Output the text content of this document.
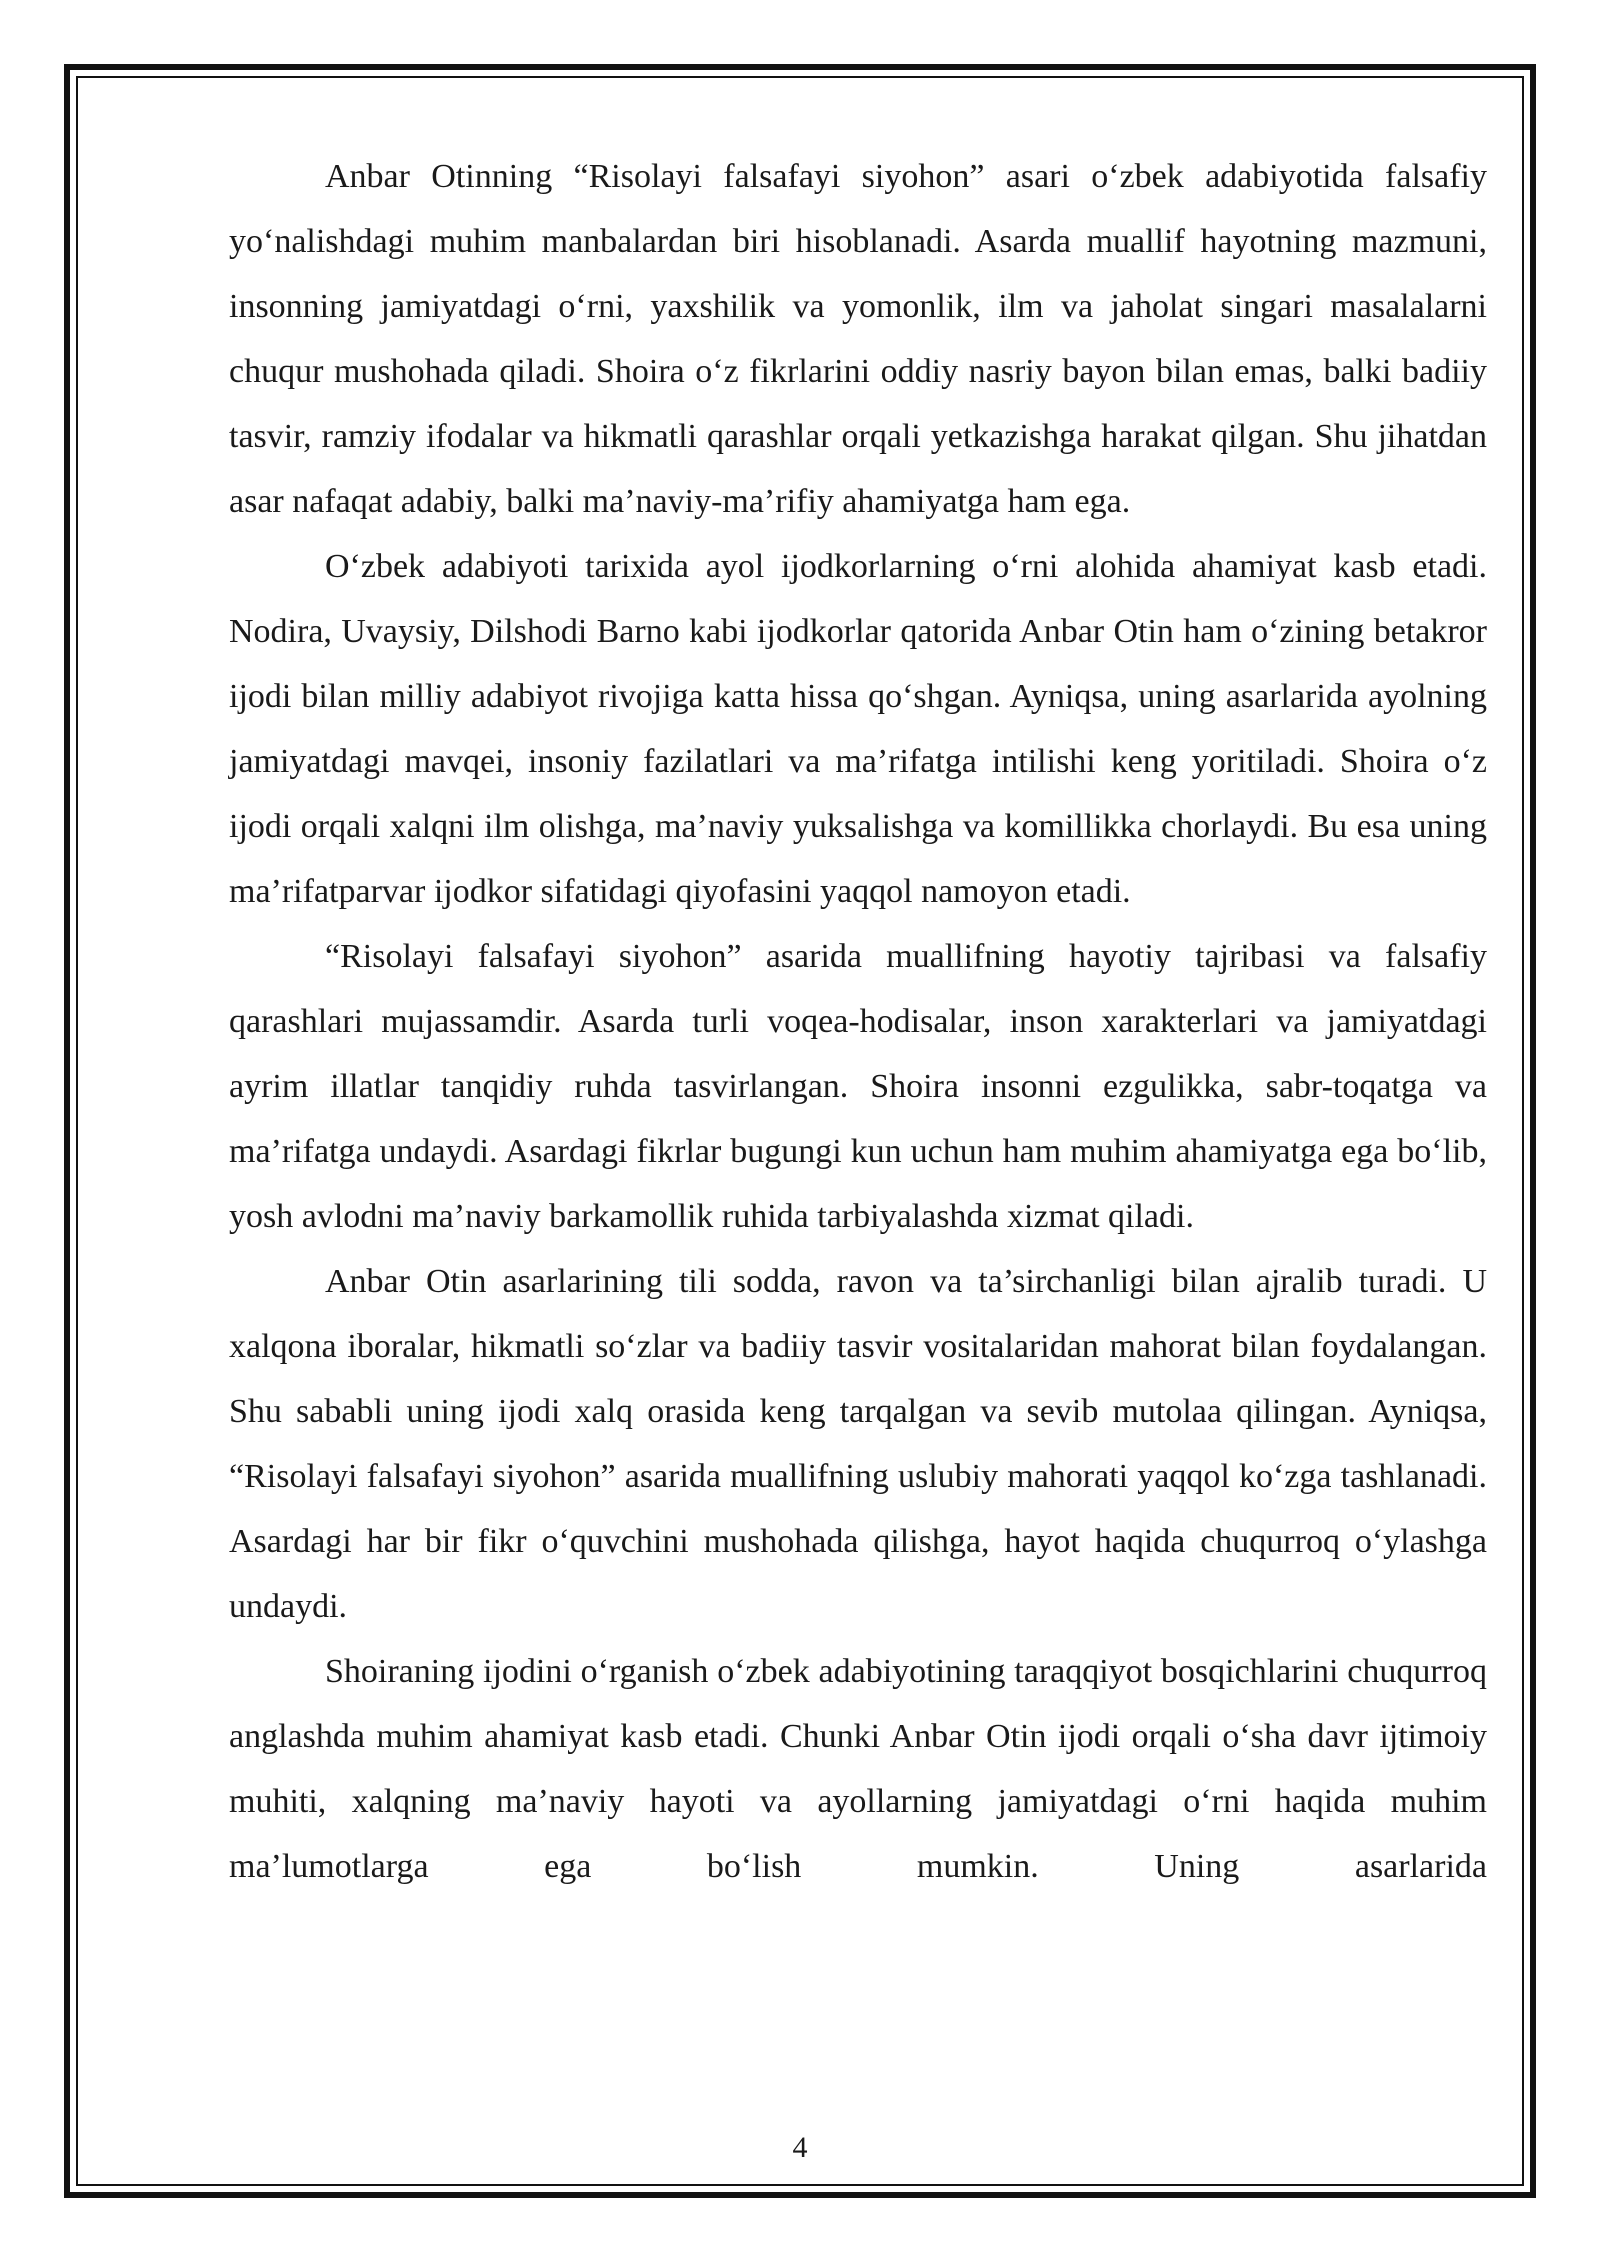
Anbar Otinning “Risolayi falsafayi siyohon” asari o‘zbek adabiyotida falsafiy yo‘nalishdagi muhim manbalardan biri hisoblanadi. Asarda muallif hayotning mazmuni, insonning jamiyatdagi o‘rni, yaxshilik va yomonlik, ilm va jaholat singari masalalarni chuqur mushohada qiladi. Shoira o‘z fikrlarini oddiy nasriy bayon bilan emas, balki badiiy tasvir, ramziy ifodalar va hikmatli qarashlar orqali yetkazishga harakat qilgan. Shu jihatdan asar nafaqat adabiy, balki ma’naviy-ma’rifiy ahamiyatga ham ega.

O‘zbek adabiyoti tarixida ayol ijodkorlarning o‘rni alohida ahamiyat kasb etadi. Nodira, Uvaysiy, Dilshodi Barno kabi ijodkorlar qatorida Anbar Otin ham o‘zining betakror ijodi bilan milliy adabiyot rivojiga katta hissa qo‘shgan. Ayniqsa, uning asarlarida ayolning jamiyatdagi mavqei, insoniy fazilatlari va ma’rifatga intilishi keng yoritiladi. Shoira o‘z ijodi orqali xalqni ilm olishga, ma’naviy yuksalishga va komillikka chorlaydi. Bu esa uning ma’rifatparvar ijodkor sifatidagi qiyofasini yaqqol namoyon etadi.

“Risolayi falsafayi siyohon” asarida muallifning hayotiy tajribasi va falsafiy qarashlari mujassamdir. Asarda turli voqea-hodisalar, inson xarakterlari va jamiyatdagi ayrim illatlar tanqidiy ruhda tasvirlangan. Shoira insonni ezgulikka, sabr-toqatga va ma’rifatga undaydi. Asardagi fikrlar bugungi kun uchun ham muhim ahamiyatga ega bo‘lib, yosh avlodni ma’naviy barkamollik ruhida tarbiyalashda xizmat qiladi.

Anbar Otin asarlarining tili sodda, ravon va ta’sirchanligi bilan ajralib turadi. U xalqona iboralar, hikmatli so‘zlar va badiiy tasvir vositalaridan mahorat bilan foydalangan. Shu sababli uning ijodi xalq orasida keng tarqalgan va sevib mutolaa qilingan. Ayniqsa, “Risolayi falsafayi siyohon” asarida muallifning uslubiy mahorati yaqqol ko‘zga tashlanadi. Asardagi har bir fikr o‘quvchini mushohada qilishga, hayot haqida chuqurroq o‘ylashga undaydi.

Shoiraning ijodini o‘rganish o‘zbek adabiyotining taraqqiyot bosqichlarini chuqurroq anglashda muhim ahamiyat kasb etadi. Chunki Anbar Otin ijodi orqali o‘sha davr ijtimoiy muhiti, xalqning ma’naviy hayoti va ayollarning jamiyatdagi o‘rni haqida muhim ma’lumotlarga ega bo‘lish mumkin. Uning asarlarida

4
